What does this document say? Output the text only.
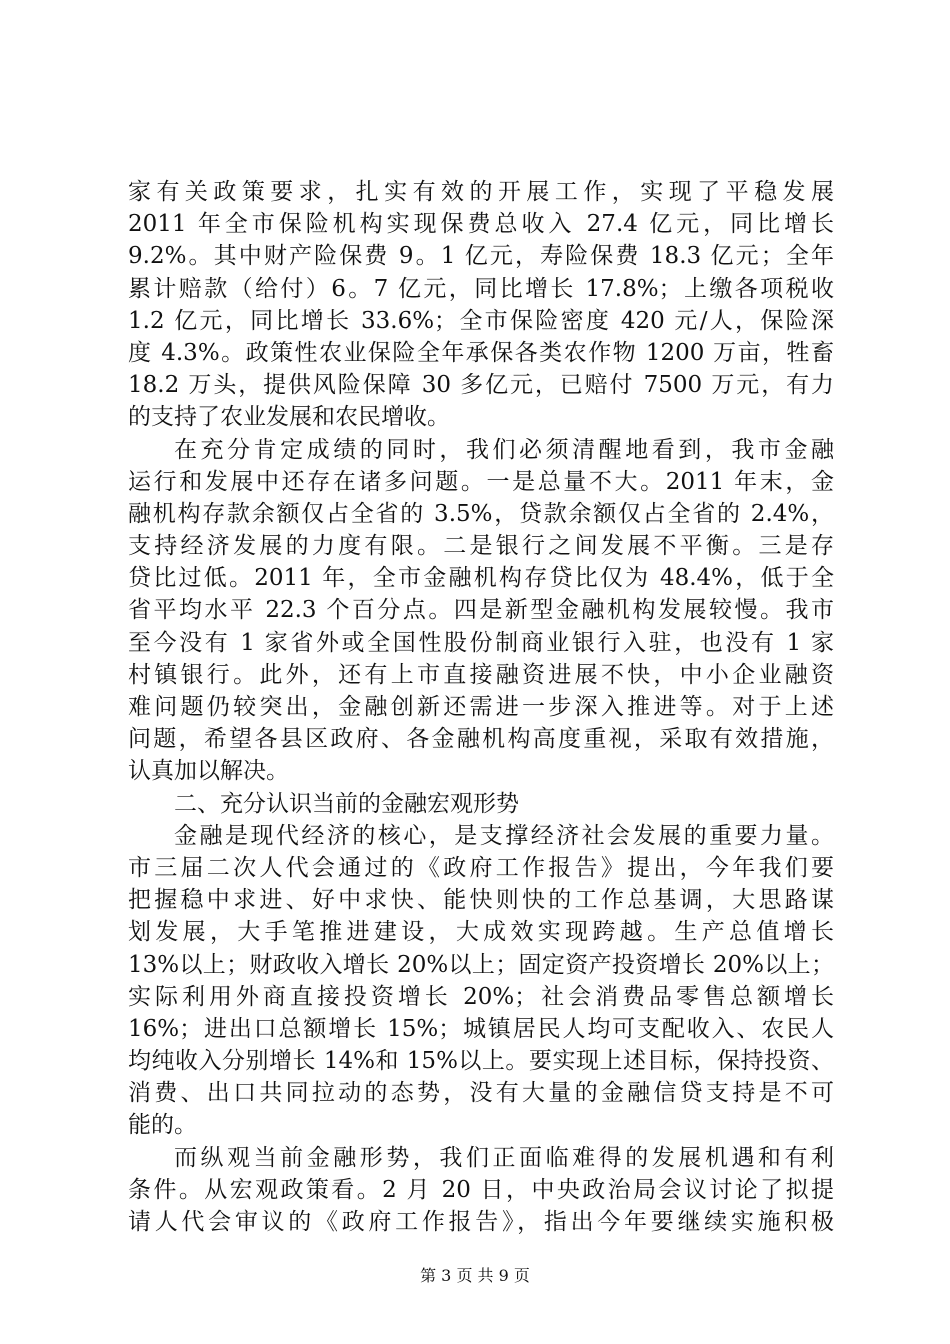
家有关政策要求，扎实有效的开展工作，实现了平稳发展
2011 年全市保险机构实现保费总收入 27.4 亿元，同比增长
9.2%。其中财产险保费 9。1 亿元，寿险保费 18.3 亿元；全年
累计赔款（给付）6。7 亿元，同比增长 17.8%；上缴各项税收
1.2 亿元，同比增长 33.6%；全市保险密度 420 元/人，保险深
度 4.3%。政策性农业保险全年承保各类农作物 1200 万亩，牲畜
18.2 万头，提供风险保障 30 多亿元，已赔付 7500 万元，有力
的支持了农业发展和农民增收。
在充分肯定成绩的同时，我们必须清醒地看到，我市金融
运行和发展中还存在诸多问题。一是总量不大。2011 年末，金
融机构存款余额仅占全省的 3.5%，贷款余额仅占全省的 2.4%，
支持经济发展的力度有限。二是银行之间发展不平衡。三是存
贷比过低。2011 年，全市金融机构存贷比仅为 48.4%，低于全
省平均水平 22.3 个百分点。四是新型金融机构发展较慢。我市
至今没有 1 家省外或全国性股份制商业银行入驻，也没有 1 家
村镇银行。此外，还有上市直接融资进展不快，中小企业融资
难问题仍较突出，金融创新还需进一步深入推进等。对于上述
问题，希望各县区政府、各金融机构高度重视，采取有效措施，
认真加以解决。
二、充分认识当前的金融宏观形势
金融是现代经济的核心，是支撑经济社会发展的重要力量。
市三届二次人代会通过的《政府工作报告》提出，今年我们要
把握稳中求进、好中求快、能快则快的工作总基调，大思路谋
划发展，大手笔推进建设，大成效实现跨越。生产总值增长
13%以上；财政收入增长 20%以上；固定资产投资增长 20%以上；
实际利用外商直接投资增长 20%；社会消费品零售总额增长
16%；进出口总额增长 15%；城镇居民人均可支配收入、农民人
均纯收入分别增长 14%和 15%以上。要实现上述目标，保持投资、
消费、出口共同拉动的态势，没有大量的金融信贷支持是不可
能的。
而纵观当前金融形势，我们正面临难得的发展机遇和有利
条件。从宏观政策看。2 月 20 日，中央政治局会议讨论了拟提
请人代会审议的《政府工作报告》，指出今年要继续实施积极
第 3 页 共 9 页
